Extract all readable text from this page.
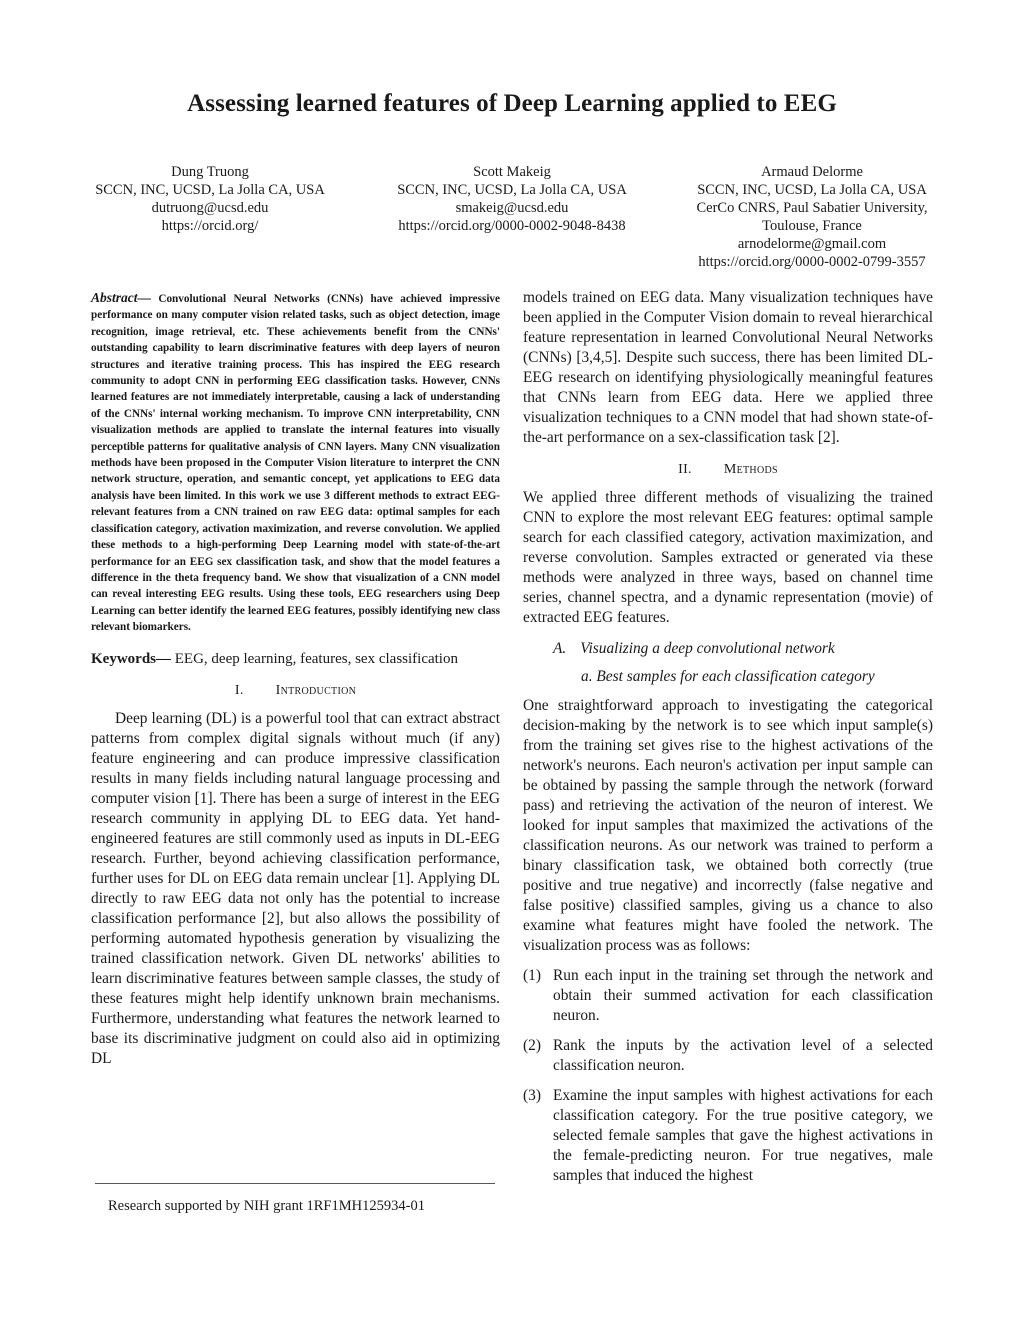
Assessing learned features of Deep Learning applied to EEG
Dung Truong
SCCN, INC, UCSD, La Jolla CA, USA
dutruong@ucsd.edu
https://orcid.org/
Scott Makeig
SCCN, INC, UCSD, La Jolla CA, USA
smakeig@ucsd.edu
https://orcid.org/0000-0002-9048-8438
Armaud Delorme
SCCN, INC, UCSD, La Jolla CA, USA
CerCo CNRS, Paul Sabatier University,
Toulouse, France
arnodelorme@gmail.com
https://orcid.org/0000-0002-0799-3557
Abstract— Convolutional Neural Networks (CNNs) have achieved impressive performance on many computer vision related tasks, such as object detection, image recognition, image retrieval, etc. These achievements benefit from the CNNs' outstanding capability to learn discriminative features with deep layers of neuron structures and iterative training process. This has inspired the EEG research community to adopt CNN in performing EEG classification tasks. However, CNNs learned features are not immediately interpretable, causing a lack of understanding of the CNNs' internal working mechanism. To improve CNN interpretability, CNN visualization methods are applied to translate the internal features into visually perceptible patterns for qualitative analysis of CNN layers. Many CNN visualization methods have been proposed in the Computer Vision literature to interpret the CNN network structure, operation, and semantic concept, yet applications to EEG data analysis have been limited. In this work we use 3 different methods to extract EEG-relevant features from a CNN trained on raw EEG data: optimal samples for each classification category, activation maximization, and reverse convolution. We applied these methods to a high-performing Deep Learning model with state-of-the-art performance for an EEG sex classification task, and show that the model features a difference in the theta frequency band. We show that visualization of a CNN model can reveal interesting EEG results. Using these tools, EEG researchers using Deep Learning can better identify the learned EEG features, possibly identifying new class relevant biomarkers.
Keywords— EEG, deep learning, features, sex classification
I. Introduction

Deep learning (DL) is a powerful tool that can extract abstract patterns from complex digital signals without much (if any) feature engineering and can produce impressive classification results in many fields including natural language processing and computer vision [1]. There has been a surge of interest in the EEG research community in applying DL to EEG data. Yet hand-engineered features are still commonly used as inputs in DL-EEG research. Further, beyond achieving classification performance, further uses for DL on EEG data remain unclear [1]. Applying DL directly to raw EEG data not only has the potential to increase classification performance [2], but also allows the possibility of performing automated hypothesis generation by visualizing the trained classification network. Given DL networks' abilities to learn discriminative features between sample classes, the study of these features might help identify unknown brain mechanisms. Furthermore, understanding what features the network learned to base its discriminative judgment on could also aid in optimizing DL

models trained on EEG data. Many visualization techniques have been applied in the Computer Vision domain to reveal hierarchical feature representation in learned Convolutional Neural Networks (CNNs) [3,4,5]. Despite such success, there has been limited DL-EEG research on identifying physiologically meaningful features that CNNs learn from EEG data. Here we applied three visualization techniques to a CNN model that had shown state-of-the-art performance on a sex-classification task [2].

II. Methods

We applied three different methods of visualizing the trained CNN to explore the most relevant EEG features: optimal sample search for each classified category, activation maximization, and reverse convolution. Samples extracted or generated via these methods were analyzed in three ways, based on channel time series, channel spectra, and a dynamic representation (movie) of extracted EEG features.

A. Visualizing a deep convolutional network
a. Best samples for each classification category

One straightforward approach to investigating the categorical decision-making by the network is to see which input sample(s) from the training set gives rise to the highest activations of the network's neurons. Each neuron's activation per input sample can be obtained by passing the sample through the network (forward pass) and retrieving the activation of the neuron of interest. We looked for input samples that maximized the activations of the classification neurons. As our network was trained to perform a binary classification task, we obtained both correctly (true positive and true negative) and incorrectly (false negative and false positive) classified samples, giving us a chance to also examine what features might have fooled the network. The visualization process was as follows:

(1) Run each input in the training set through the network and obtain their summed activation for each classification neuron.
(2) Rank the inputs by the activation level of a selected classification neuron.
(3) Examine the input samples with highest activations for each classification category. For the true positive category, we selected female samples that gave the highest activations in the female-predicting neuron. For true negatives, male samples that induced the highest
Research supported by NIH grant 1RF1MH125934-01
